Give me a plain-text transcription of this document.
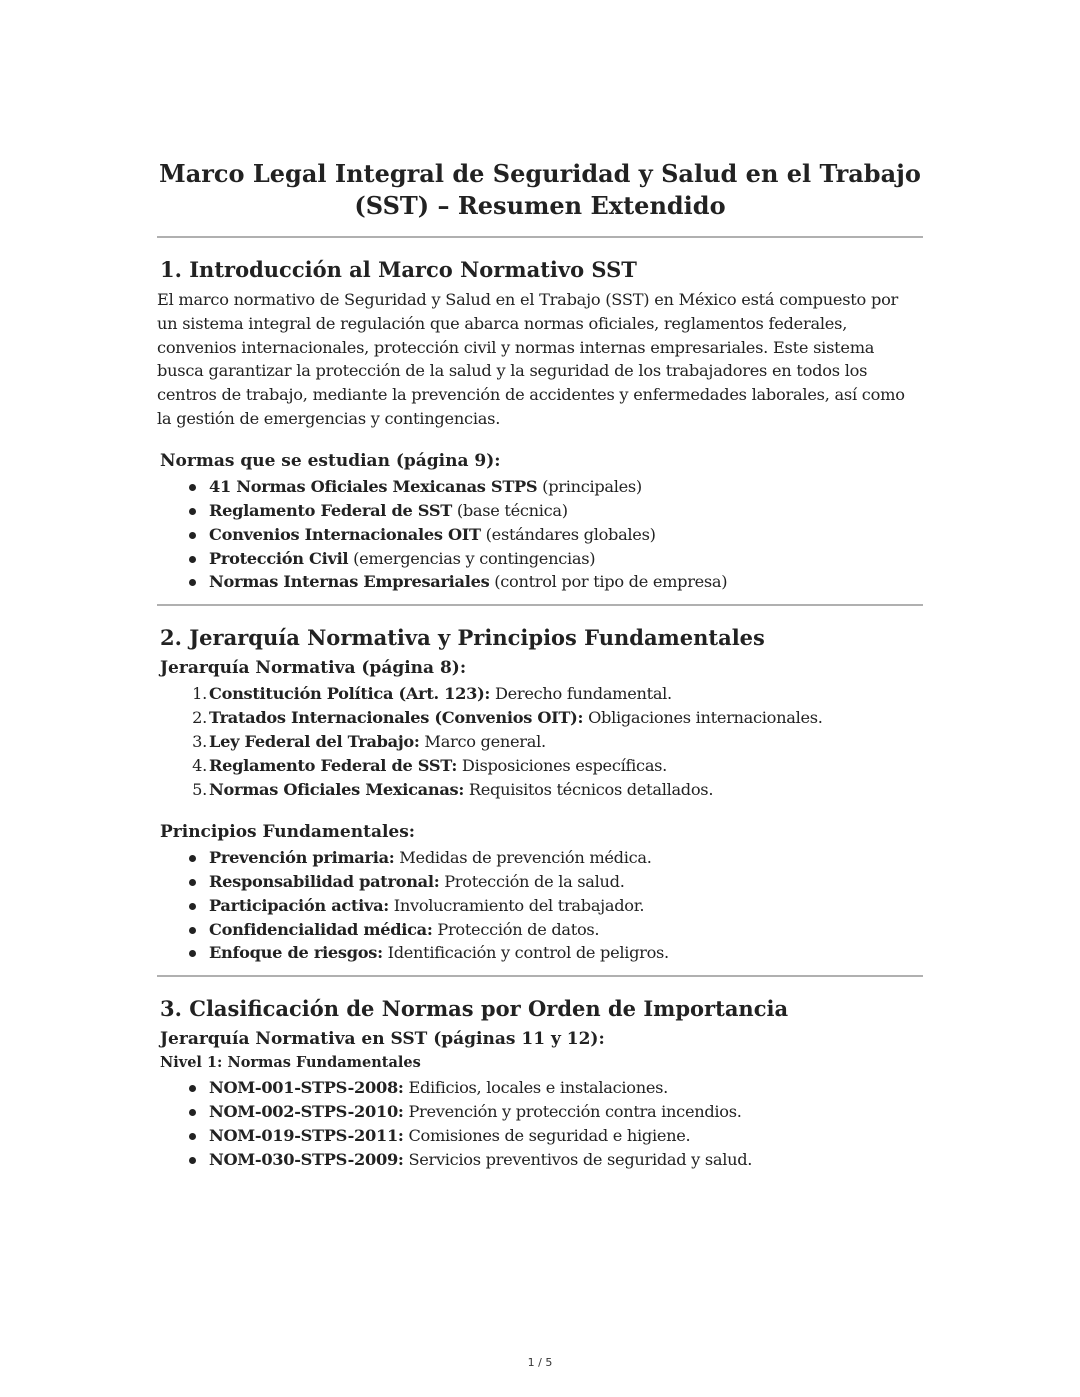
Marco Legal Integral de Seguridad y Salud en el Trabajo (SST) – Resumen Extendido
1. Introducción al Marco Normativo SST

El marco normativo de Seguridad y Salud en el Trabajo (SST) en México está compuesto por un sistema integral de regulación que abarca normas oficiales, reglamentos federales, convenios internacionales, protección civil y normas internas empresariales. Este sistema busca garantizar la protección de la salud y la seguridad de los trabajadores en todos los centros de trabajo, mediante la prevención de accidentes y enfermedades laborales, así como la gestión de emergencias y contingencias.

Normas que se estudian (página 9):
41 Normas Oficiales Mexicanas STPS (principales)
Reglamento Federal de SST (base técnica)
Convenios Internacionales OIT (estándares globales)
Protección Civil (emergencias y contingencias)
Normas Internas Empresariales (control por tipo de empresa)
2. Jerarquía Normativa y Principios Fundamentales
Jerarquía Normativa (página 8):
1. Constitución Política (Art. 123): Derecho fundamental.
2. Tratados Internacionales (Convenios OIT): Obligaciones internacionales.
3. Ley Federal del Trabajo: Marco general.
4. Reglamento Federal de SST: Disposiciones específicas.
5. Normas Oficiales Mexicanas: Requisitos técnicos detallados.
Principios Fundamentales:
Prevención primaria: Medidas de prevención médica.
Responsabilidad patronal: Protección de la salud.
Participación activa: Involucramiento del trabajador.
Confidencialidad médica: Protección de datos.
Enfoque de riesgos: Identificación y control de peligros.
3. Clasificación de Normas por Orden de Importancia
Jerarquía Normativa en SST (páginas 11 y 12):
Nivel 1: Normas Fundamentales
NOM-001-STPS-2008: Edificios, locales e instalaciones.
NOM-002-STPS-2010: Prevención y protección contra incendios.
NOM-019-STPS-2011: Comisiones de seguridad e higiene.
NOM-030-STPS-2009: Servicios preventivos de seguridad y salud.
1 / 5
